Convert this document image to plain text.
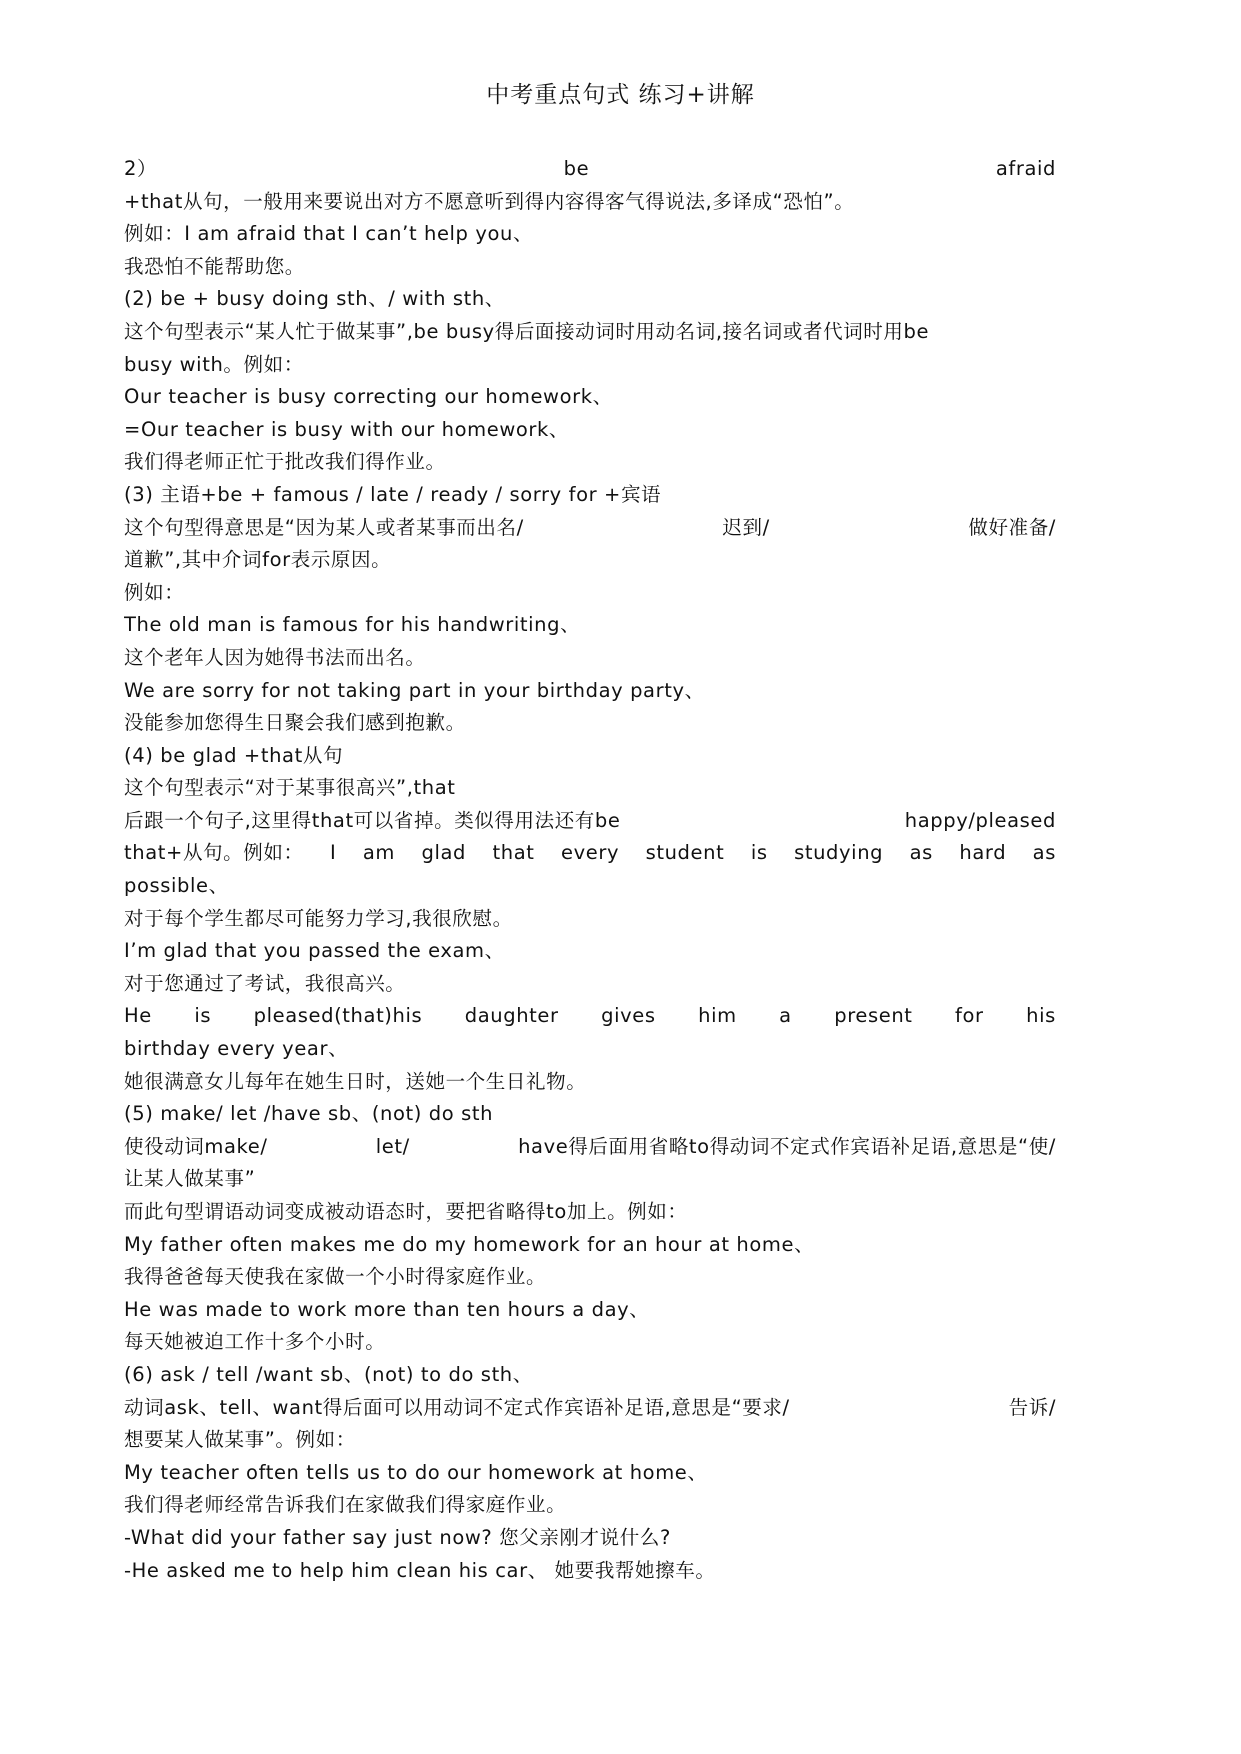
中考重点句式 练习+讲解
2）	be	afraid
+that从句，一般用来要说出对方不愿意听到得内容得客气得说法,多译成“恐怕”。
例如：I am afraid that I can’t help you、
我恐怕不能帮助您。
(2) be + busy doing sth、/ with sth、
这个句型表示“某人忙于做某事”,be busy得后面接动词时用动名词,接名词或者代词时用be
busy with。例如：
Our teacher is busy correcting our homework、
=Our teacher is busy with our homework、
我们得老师正忙于批改我们得作业。
(3) 主语+be + famous / late / ready / sorry for +宾语
这个句型得意思是“因为某人或者某事而出名/	迟到/	做好准备/
道歉”,其中介词for表示原因。
例如：
The old man is famous for his handwriting、
这个老年人因为她得书法而出名。
We are sorry for not taking part in your birthday party、
没能参加您得生日聚会我们感到抱歉。
(4) be glad +that从句
这个句型表示“对于某事很高兴”,that
后跟一个句子,这里得that可以省掉。类似得用法还有be	happy/pleased
that+从句。例如： I am glad that every student is studying as hard as
possible、
对于每个学生都尽可能努力学习,我很欣慰。
I’m glad that you passed the exam、
对于您通过了考试，我很高兴。
He is pleased(that)his daughter gives him a present for his
birthday every year、
她很满意女儿每年在她生日时，送她一个生日礼物。
(5) make/ let /have sb、(not) do sth
使役动词make/	let/	have得后面用省略to得动词不定式作宾语补足语,意思是“使/
让某人做某事”
而此句型谓语动词变成被动语态时，要把省略得to加上。例如：
My father often makes me do my homework for an hour at home、
我得爸爸每天使我在家做一个小时得家庭作业。
He was made to work more than ten hours a day、
每天她被迫工作十多个小时。
(6) ask / tell /want sb、(not) to do sth、
动词ask、tell、want得后面可以用动词不定式作宾语补足语,意思是“要求/	告诉/
想要某人做某事”。例如：
My teacher often tells us to do our homework at home、
我们得老师经常告诉我们在家做我们得家庭作业。
-What did your father say just now? 您父亲刚才说什么?
-He asked me to help him clean his car、 她要我帮她擦车。
